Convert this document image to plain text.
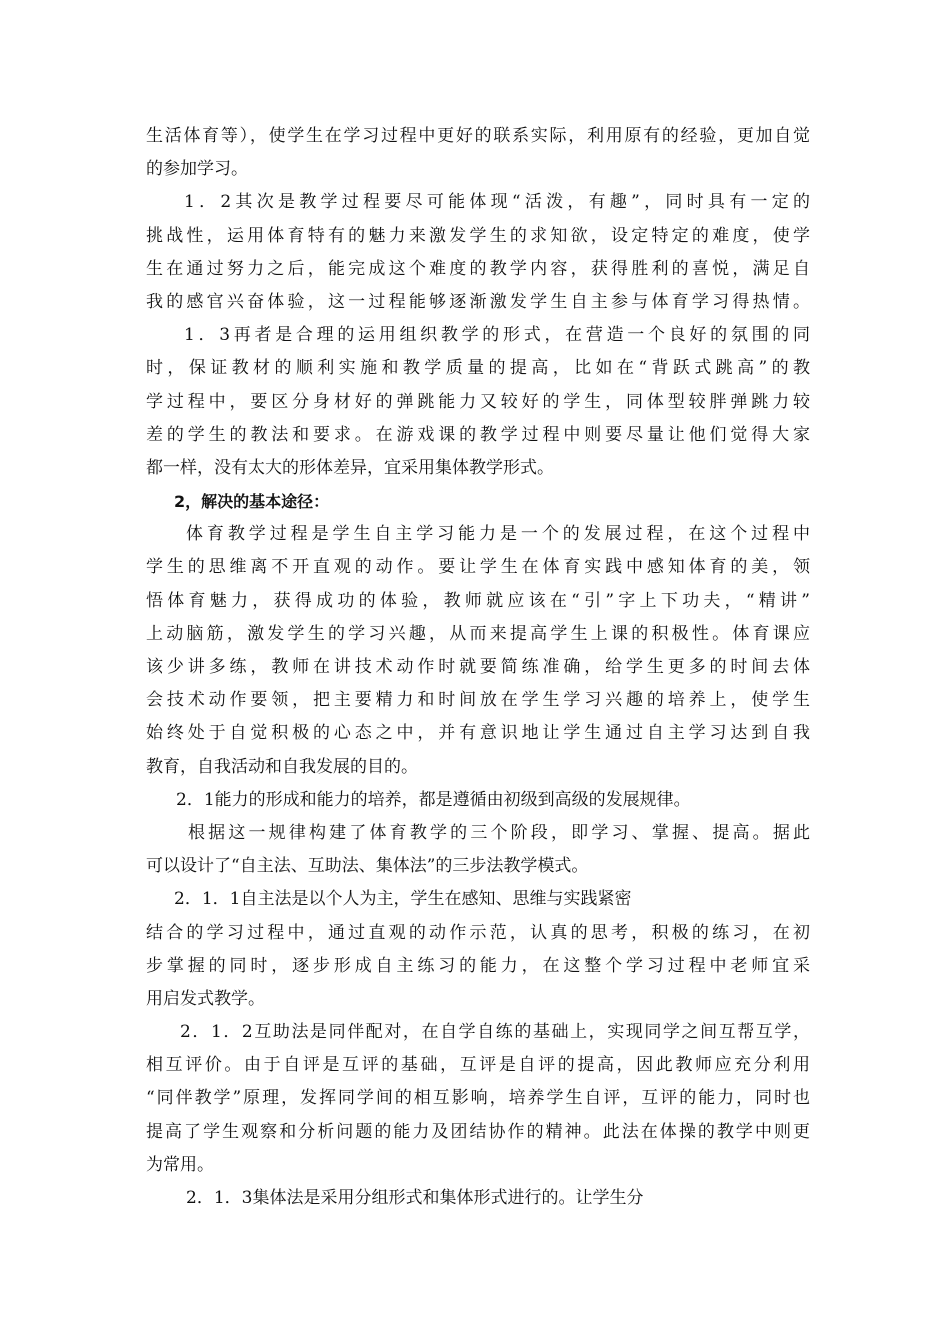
生活体育等），使学生在学习过程中更好的联系实际，利用原有的经验，更加自觉
的参加学习。
1．2其次是教学过程要尽可能体现“活泼，有趣”，同时具有一定的
挑战性，运用体育特有的魅力来激发学生的求知欲，设定特定的难度，使学
生在通过努力之后，能完成这个难度的教学内容，获得胜利的喜悦，满足自
我的感官兴奋体验，这一过程能够逐渐激发学生自主参与体育学习得热情。
1．3再者是合理的运用组织教学的形式，在营造一个良好的氛围的同
时，保证教材的顺利实施和教学质量的提高，比如在“背跃式跳高”的教
学过程中，要区分身材好的弹跳能力又较好的学生，同体型较胖弹跳力较
差的学生的教法和要求。在游戏课的教学过程中则要尽量让他们觉得大家
都一样，没有太大的形体差异，宜采用集体教学形式。
2，解决的基本途径：
体育教学过程是学生自主学习能力是一个的发展过程，在这个过程中
学生的思维离不开直观的动作。要让学生在体育实践中感知体育的美，领
悟体育魅力，获得成功的体验，教师就应该在“引”字上下功夫，“精讲”
上动脑筋，激发学生的学习兴趣，从而来提高学生上课的积极性。体育课应
该少讲多练，教师在讲技术动作时就要简练准确，给学生更多的时间去体
会技术动作要领，把主要精力和时间放在学生学习兴趣的培养上，使学生
始终处于自觉积极的心态之中，并有意识地让学生通过自主学习达到自我
教育，自我活动和自我发展的目的。
2．1能力的形成和能力的培养，都是遵循由初级到高级的发展规律。
根据这一规律构建了体育教学的三个阶段，即学习、掌握、提高。据此
可以设计了“自主法、互助法、集体法”的三步法教学模式。
2．1．1自主法是以个人为主，学生在感知、思维与实践紧密
结合的学习过程中，通过直观的动作示范，认真的思考，积极的练习，在初
步掌握的同时，逐步形成自主练习的能力，在这整个学习过程中老师宜采
用启发式教学。
2．1．2互助法是同伴配对，在自学自练的基础上，实现同学之间互帮互学，
相互评价。由于自评是互评的基础，互评是自评的提高，因此教师应充分利用
“同伴教学”原理，发挥同学间的相互影响，培养学生自评，互评的能力，同时也
提高了学生观察和分析问题的能力及团结协作的精神。此法在体操的教学中则更
为常用。
2．1．3集体法是采用分组形式和集体形式进行的。让学生分
